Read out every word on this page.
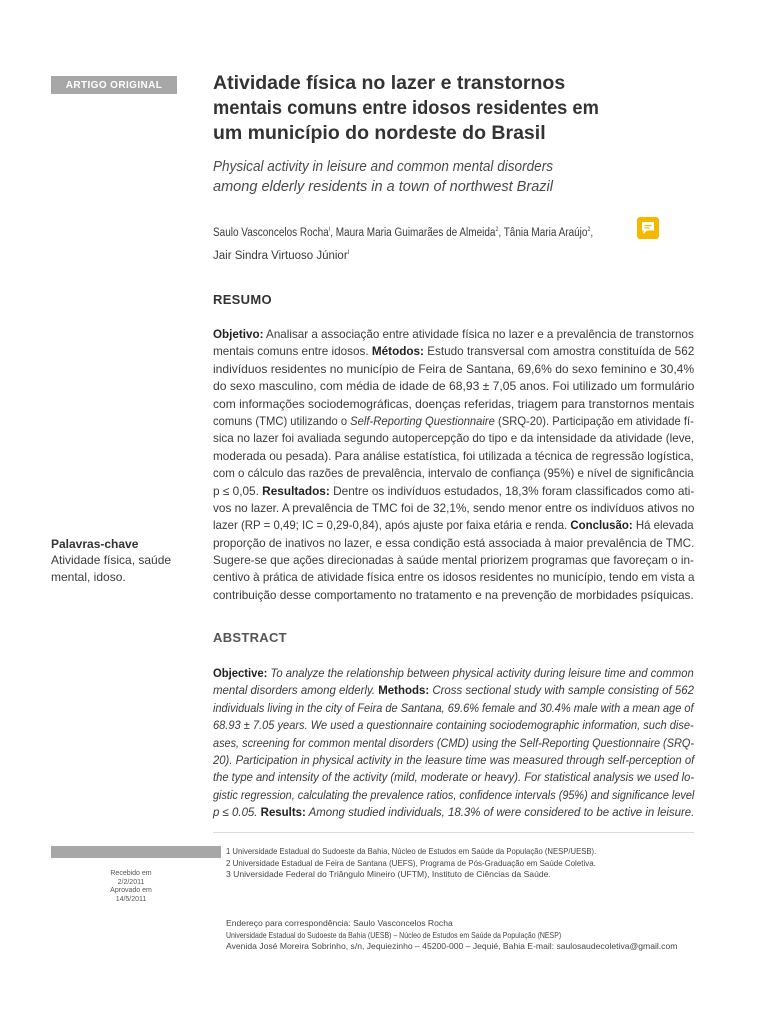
ARTIGO ORIGINAL	Atividade física no lazer e transtornos mentais comuns entre idosos residentes em um município do nordeste do Brasil
Physical activity in leisure and common mental disorders among elderly residents in a town of northwest Brazil
Saulo Vasconcelos Rocha$^I$, Maura Maria Guimarães de Almeida$^2$, Tânia Maria Araújo$^2$, Jair Sindra Virtuoso Júnior$^I$
RESUMO
Objetivo: Analisar a associação entre atividade física no lazer e a prevalência de transtornos
mentais comuns entre idosos. Métodos: Estudo transversal com amostra constituída de 562
indivíduos residentes no município de Feira de Santana, 69,6% do sexo feminino e 30,4%
do sexo masculino, com média de idade de 68,93 ± 7,05 anos. Foi utilizado um formulário
com informações sociodemográficas, doenças referidas, triagem para transtornos mentais
comuns (TMC) utilizando o Self-Reporting Questionnaire (SRQ-20). Participação em atividade fí-
sica no lazer foi avaliada segundo autopercepção do tipo e da intensidade da atividade (leve,
moderada ou pesada). Para análise estatística, foi utilizada a técnica de regressão logística,
com o cálculo das razões de prevalência, intervalo de confiança (95%) e nível de significância
p ≤ 0,05. Resultados: Dentre os indivíduos estudados, 18,3% foram classificados como ati-
vos no lazer. A prevalência de TMC foi de 32,1%, sendo menor entre os indivíduos ativos no
lazer (RP = 0,49; IC = 0,29-0,84), após ajuste por faixa etária e renda. Conclusão: Há elevada
proporção de inativos no lazer, e essa condição está associada à maior prevalência de TMC.
Sugere-se que ações direcionadas à saúde mental priorizem programas que favoreçam o in-
centivo à prática de atividade física entre os idosos residentes no município, tendo em vista a
contribuição desse comportamento no tratamento e na prevenção de morbidades psíquicas.
Palavras-chave
Atividade física, saúde
mental, idoso.
ABSTRACT
Objective: To analyze the relationship between physical activity during leisure time and common
mental disorders among elderly. Methods: Cross sectional study with sample consisting of 562
individuals living in the city of Feira de Santana, 69.6% female and 30.4% male with a mean age of
68.93 ± 7.05 years. We used a questionnaire containing sociodemographic information, such dise-
ases, screening for common mental disorders (CMD) using the Self-Reporting Questionnaire (SRQ-
20). Participation in physical activity in the leasure time was measured through self-perception of
the type and intensity of the activity (mild, moderate or heavy). For statistical analysis we used lo-
gistic regression, calculating the prevalence ratios, confidence intervals (95%) and significance level
p ≤ 0.05. Results: Among studied individuals, 18.3% of were considered to be active in leisure.
Recebido em
2/2/2011
Aprovado em
14/5/2011
1 Universidade Estadual do Sudoeste da Bahia, Núcleo de Estudos em Saúde da População (NESP/UESB). 2 Universidade Estadual de Feira de Santana (UEFS), Programa de Pós-Graduação em Saúde Coletiva. 3 Universidade Federal do Triângulo Mineiro (UFTM), Instituto de Ciências da Saúde.
Endereço para correspondência: Saulo Vasconcelos Rocha Universidade Estadual do Sudoeste da Bahia (UESB) – Núcleo de Estudos em Saúde da População (NESP) Avenida José Moreira Sobrinho, s/n, Jequiezinho – 45200-000 – Jequié, Bahia E-mail: saulosaudecoletiva@gmail.com
